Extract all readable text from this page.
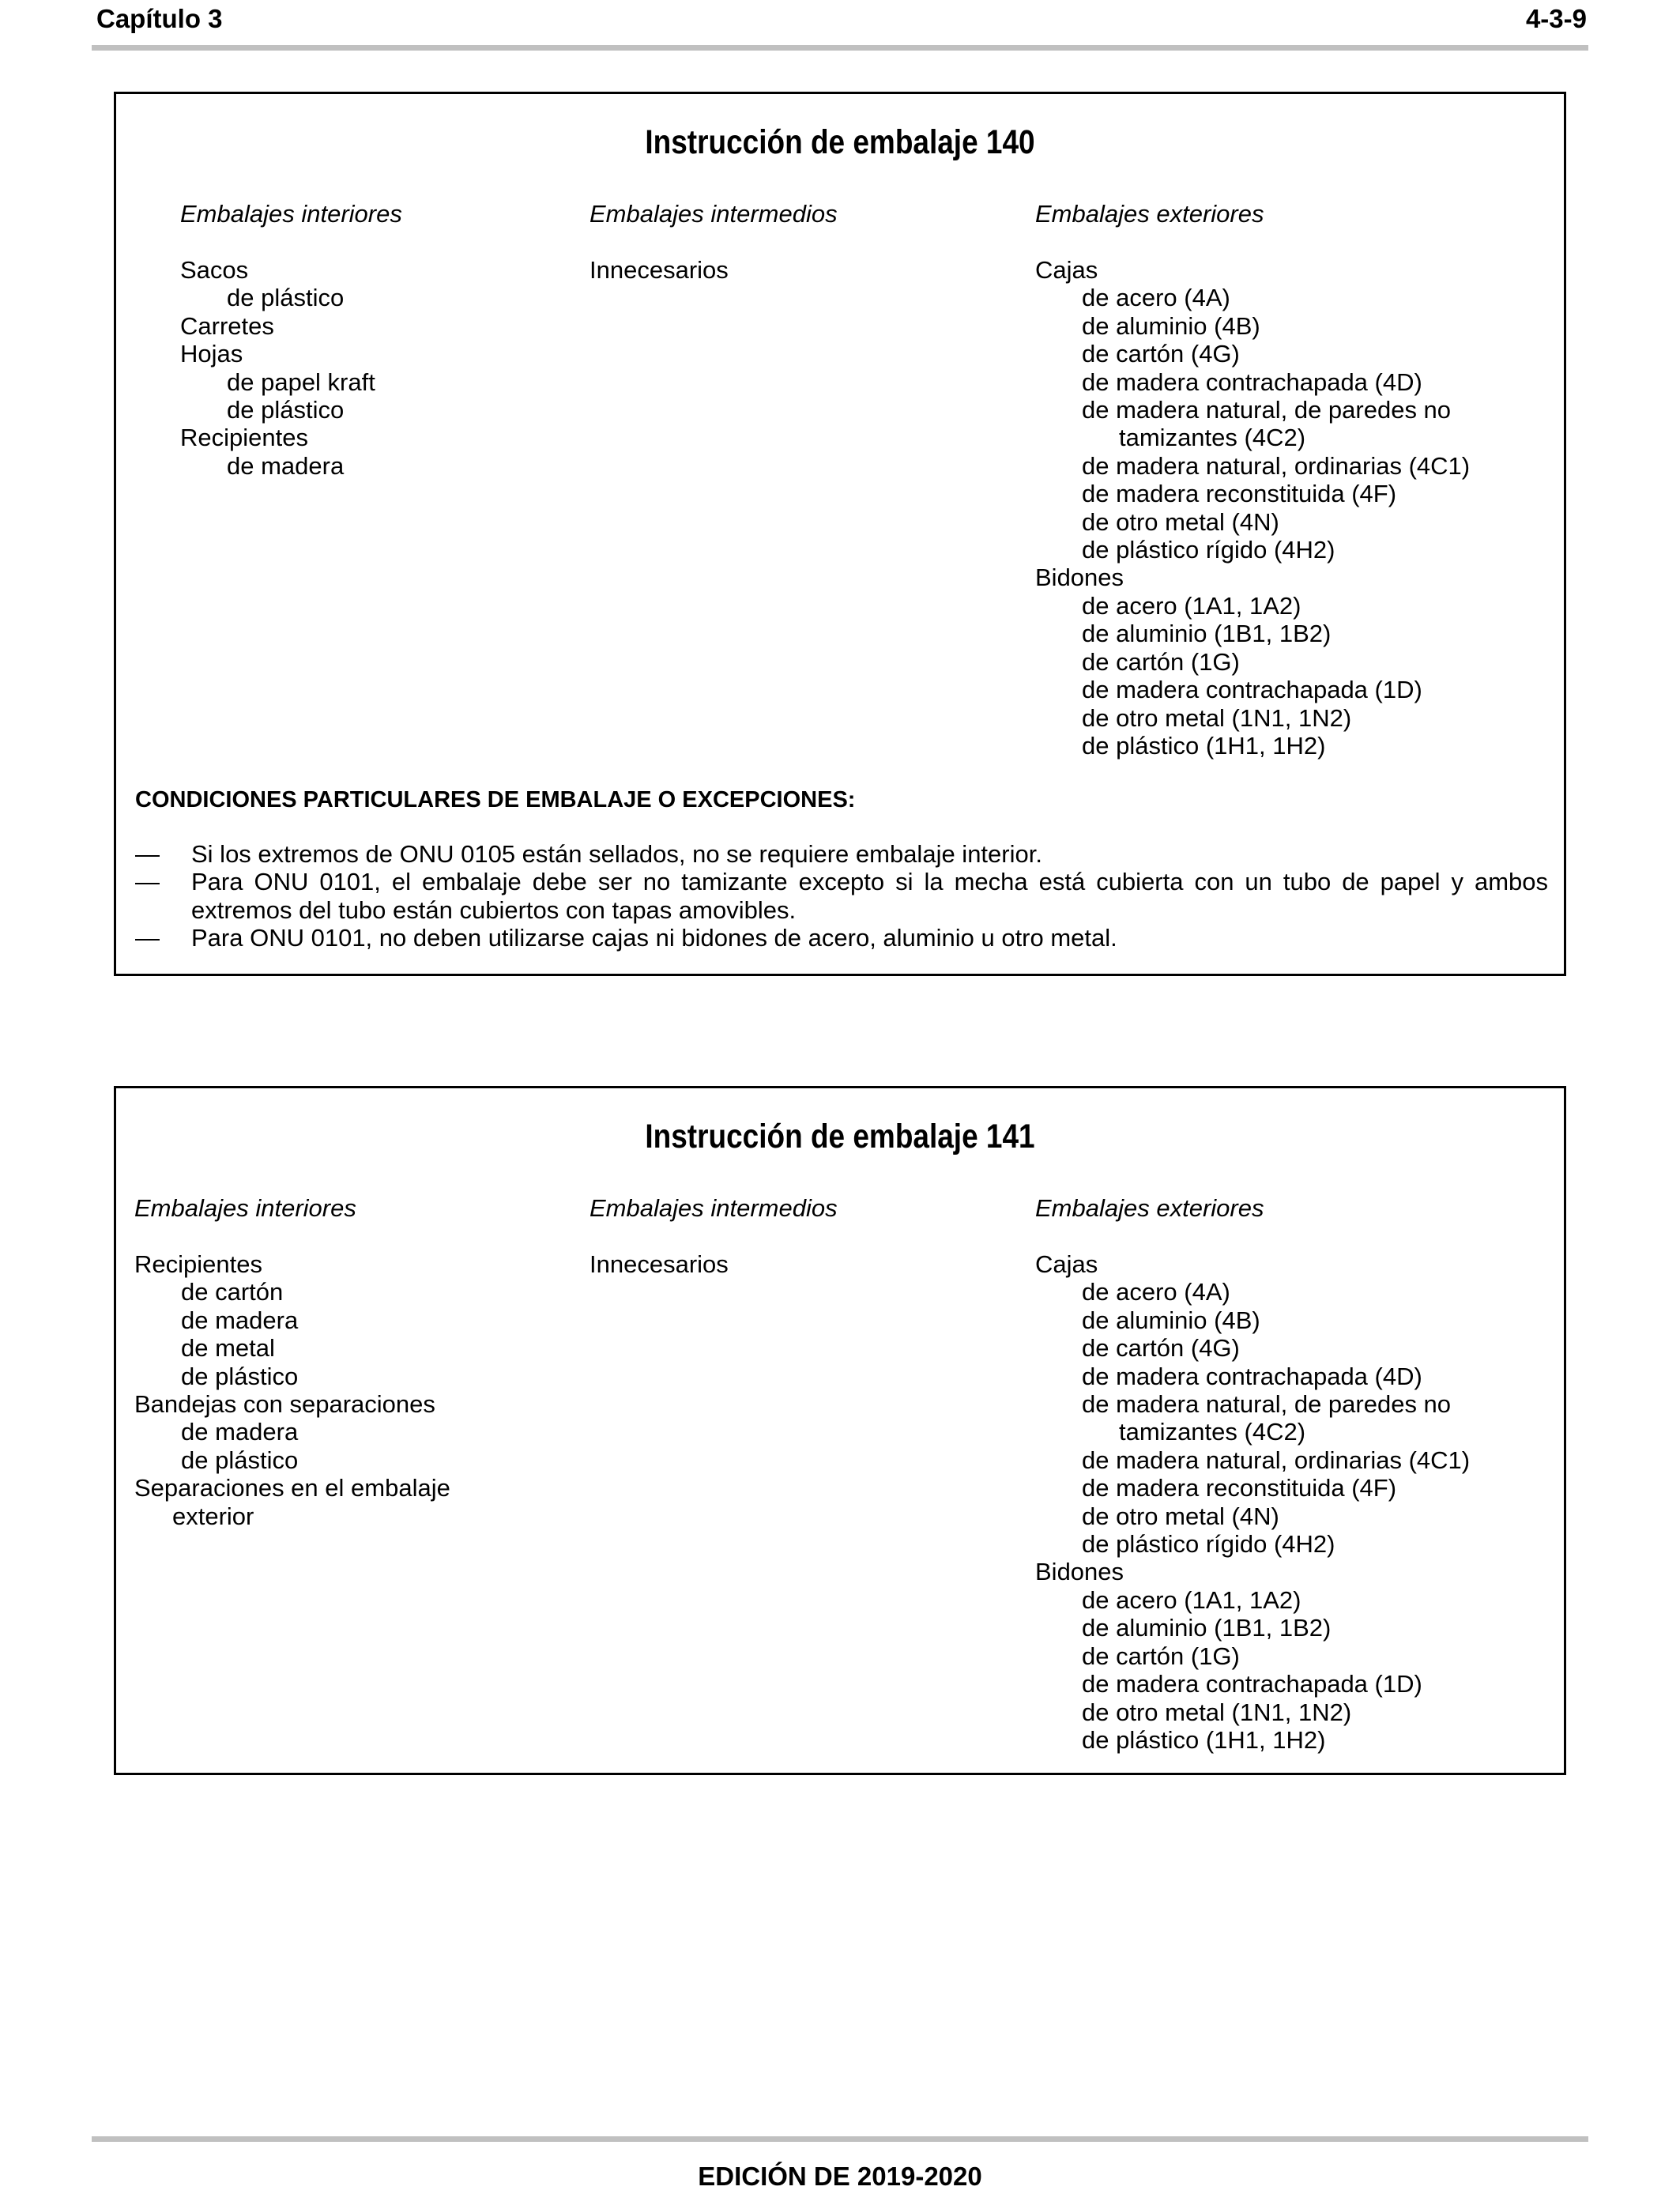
Capítulo 3	4-3-9
Instrucción de embalaje 140
Embalajes interiores
Sacos
de plástico
Carretes
Hojas
de papel kraft
de plástico
Recipientes
de madera
Embalajes intermedios
Innecesarios
Embalajes exteriores
Cajas
de acero (4A)
de aluminio (4B)
de cartón (4G)
de madera contrachapada (4D)
de madera natural, de paredes no
tamizantes (4C2)
de madera natural, ordinarias (4C1)
de madera reconstituida (4F)
de otro metal (4N)
de plástico rígido (4H2)
Bidones
de acero (1A1, 1A2)
de aluminio (1B1, 1B2)
de cartón (1G)
de madera contrachapada (1D)
de otro metal (1N1, 1N2)
de plástico (1H1, 1H2)
CONDICIONES PARTICULARES DE EMBALAJE O EXCEPCIONES:
— Si los extremos de ONU 0105 están sellados, no se requiere embalaje interior.
— Para ONU 0101, el embalaje debe ser no tamizante excepto si la mecha está cubierta con un tubo de papel y ambos extremos del tubo están cubiertos con tapas amovibles.
— Para ONU 0101, no deben utilizarse cajas ni bidones de acero, aluminio u otro metal.
Instrucción de embalaje 141
Embalajes interiores
Recipientes
de cartón
de madera
de metal
de plástico
Bandejas con separaciones
de madera
de plástico
Separaciones en el embalaje
exterior
Embalajes intermedios
Innecesarios
Embalajes exteriores
Cajas
de acero (4A)
de aluminio (4B)
de cartón (4G)
de madera contrachapada (4D)
de madera natural, de paredes no
tamizantes (4C2)
de madera natural, ordinarias (4C1)
de madera reconstituida (4F)
de otro metal (4N)
de plástico rígido (4H2)
Bidones
de acero (1A1, 1A2)
de aluminio (1B1, 1B2)
de cartón (1G)
de madera contrachapada (1D)
de otro metal (1N1, 1N2)
de plástico (1H1, 1H2)
EDICIÓN DE 2019-2020
